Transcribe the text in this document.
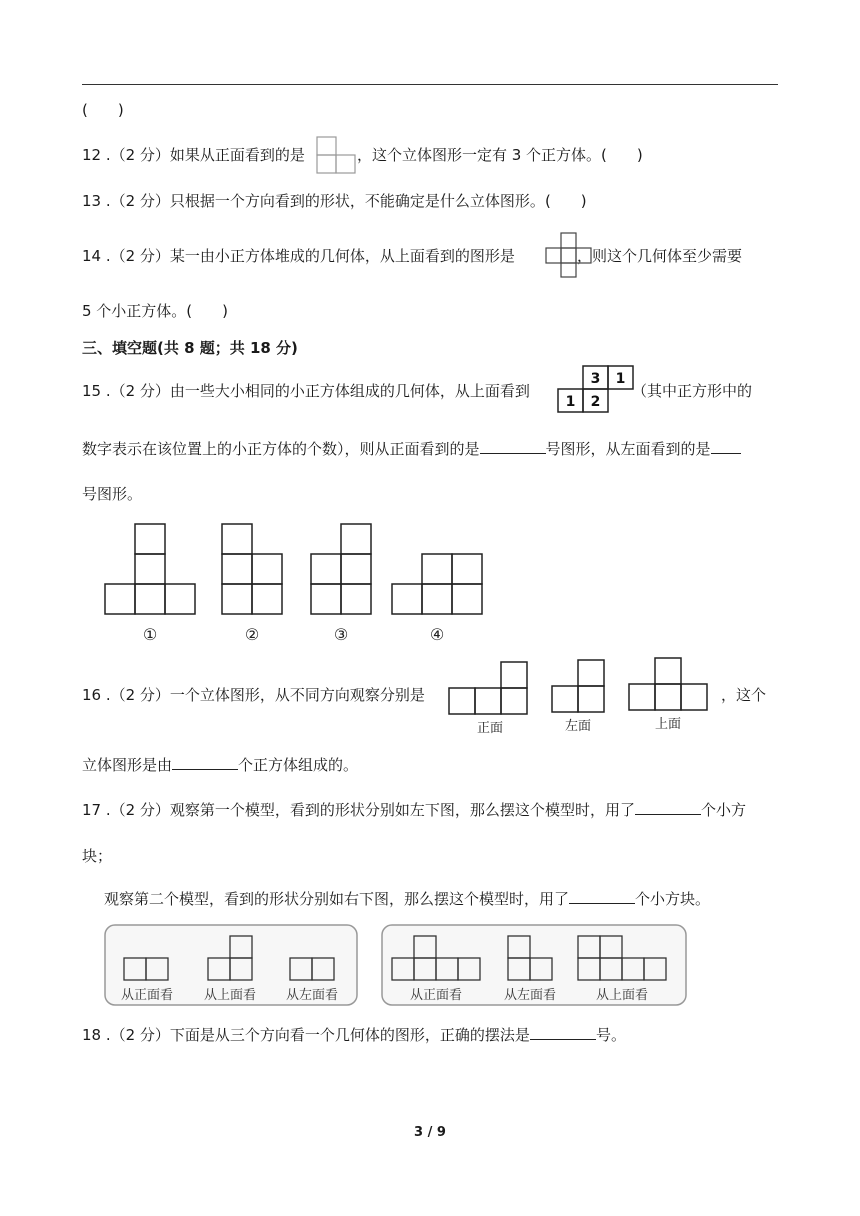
(　　)
12 .（2 分）如果从正面看到的是	，这个立体图形一定有 3 个正方体。(　　)
13 .（2 分）只根据一个方向看到的形状，不能确定是什么立体图形。(　　)
14 .（2 分）某一由小正方体堆成的几何体，从上面看到的图形是	，则这个几何体至少需要
5 个小正方体。(　　)
三、填空题(共 8 题；共 18 分)
15 .（2 分）由一些大小相同的小正方体组成的几何体，从上面看到	（其中正方形中的
3 1
1 2
数字表示在该位置上的小正方体的个数），则从正面看到的是	号图形，从左面看到的是
号图形。
①	②	③	④
16 .（2 分）一个立体图形，从不同方向观察分别是	，这个
正面	左面	上面
立体图形是由	个正方体组成的。
17 .（2 分）观察第一个模型，看到的形状分别如左下图，那么摆这个模型时，用了	个小方
块；
观察第二个模型，看到的形状分别如右下图，那么摆这个模型时，用了	个小方块。
从正面看 从上面看 从左面看	从正面看	从左面看	从上面看
18 .（2 分）下面是从三个方向看一个几何体的图形，正确的摆法是	号。
3 / 9
